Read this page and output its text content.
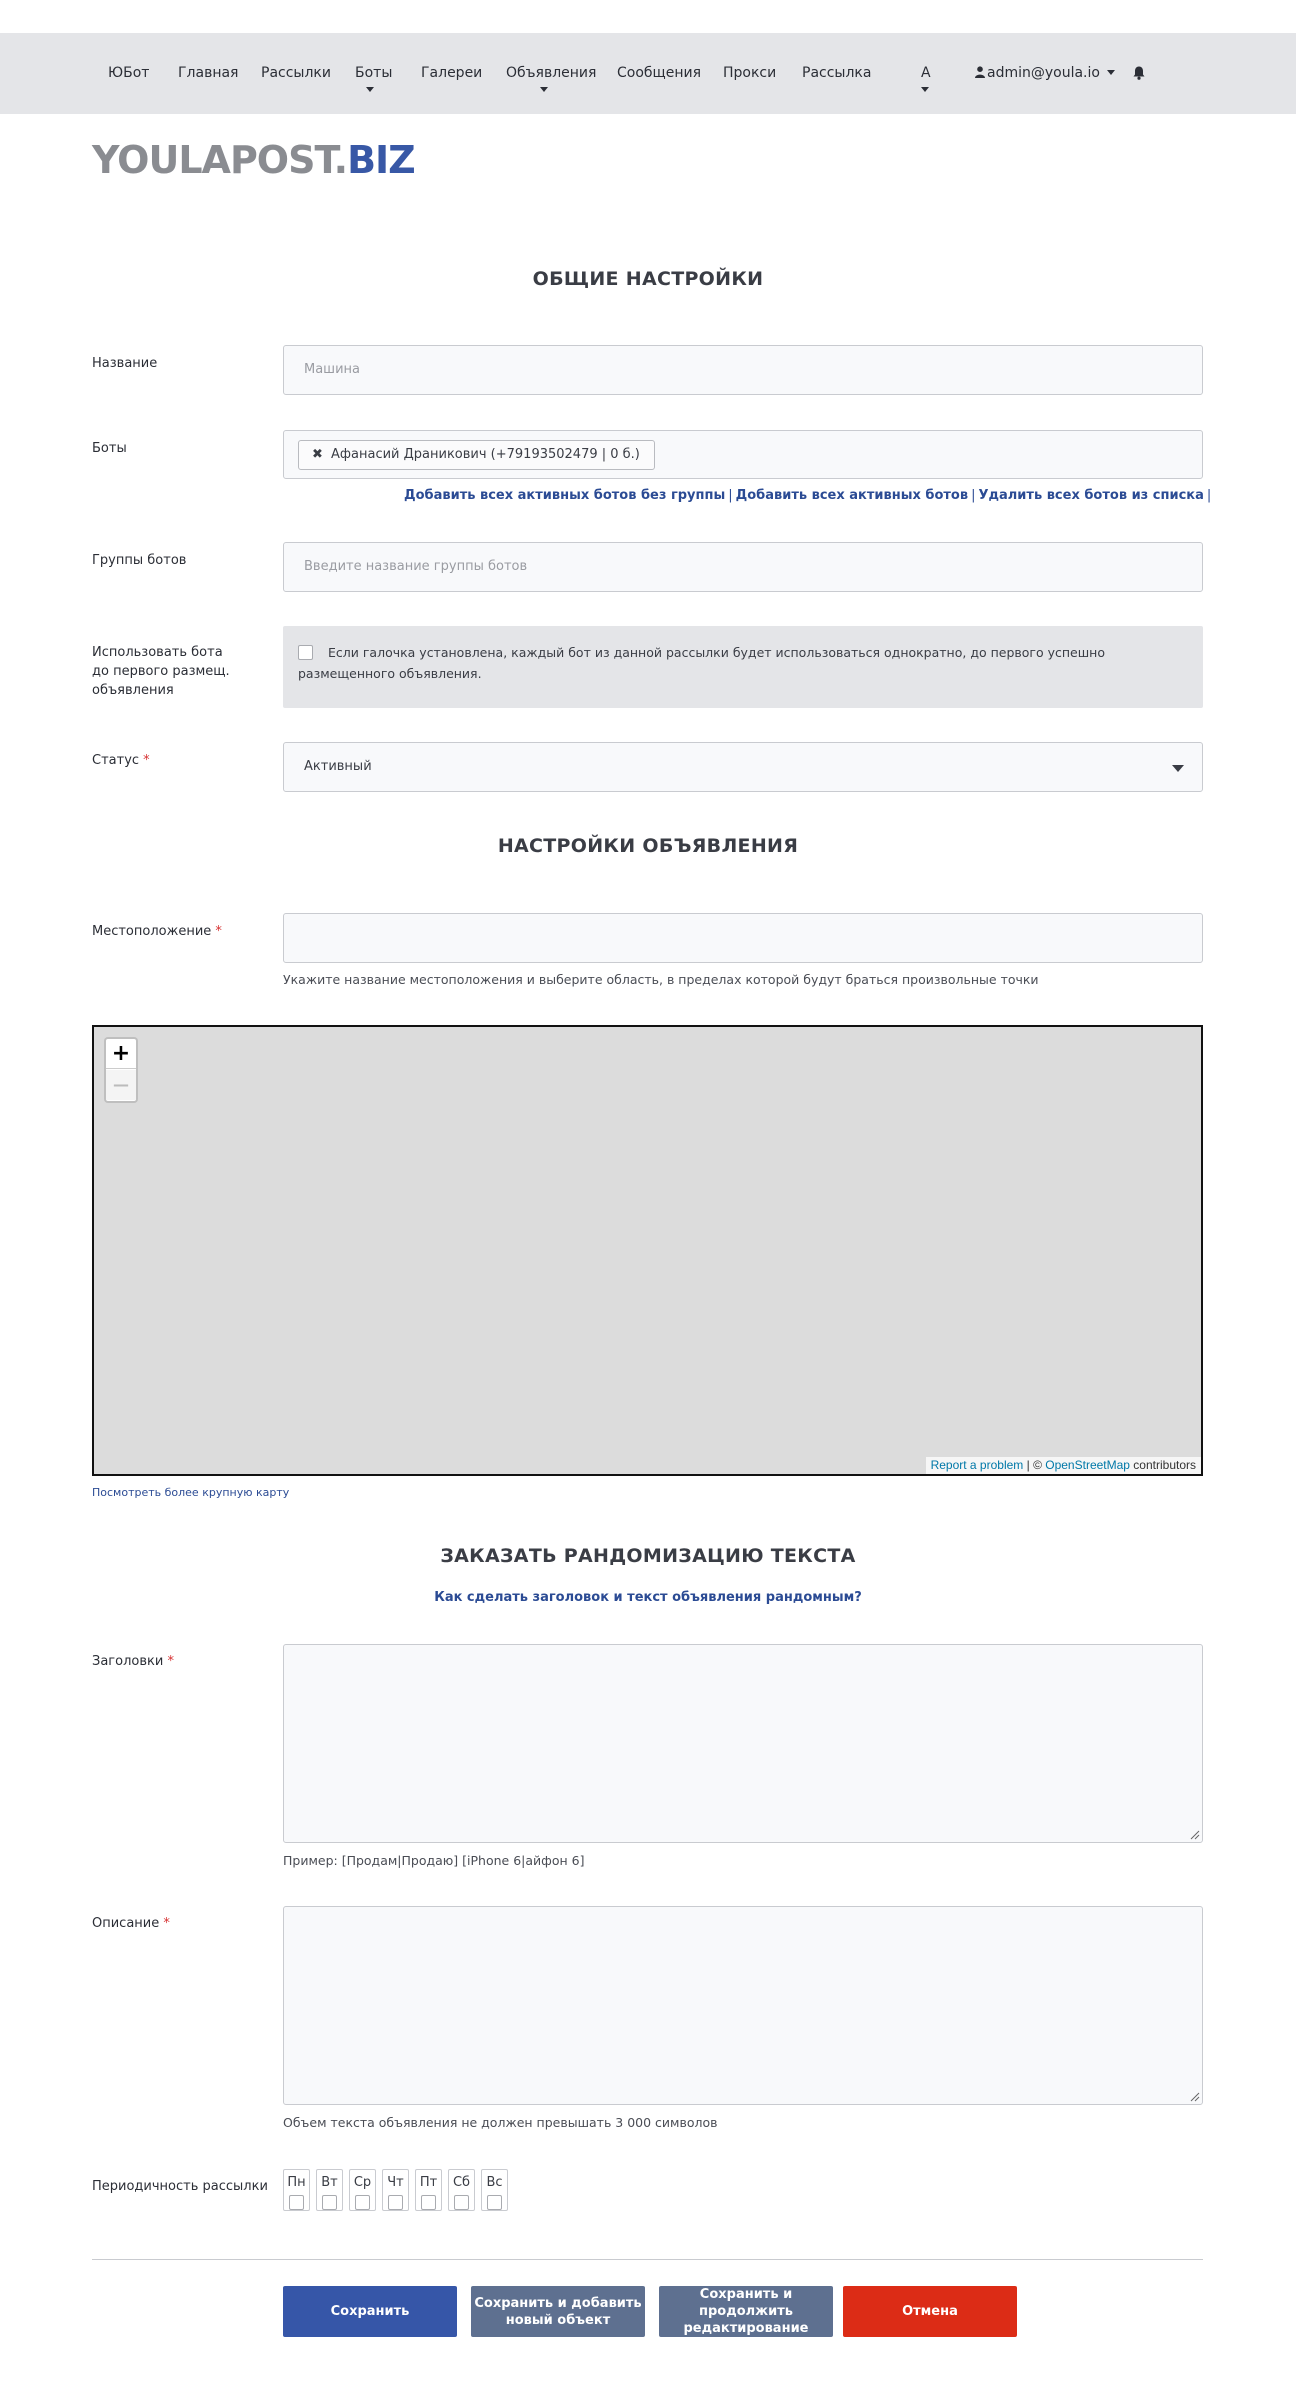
ЮБот Главная Рассылки Боты Галереи Объявления Сообщения Прокси Рассылка	А	admin@youla.io
YOULAPOST.BIZ
ОБЩИЕ НАСТРОЙКИ
Название	Машина
Боты	✖ Афанасий Драникович (+79193502479 | 0 б.)
Добавить всех активных ботов без группы | Добавить всех активных ботов | Удалить всех ботов из списка |
Группы ботов	Введите название группы ботов
Использовать бота до первого размещ. объявления
Если галочка установлена, каждый бот из данной рассылки будет использоваться однократно, до первого успешно размещенного объявления.
Статус *	Активный
НАСТРОЙКИ ОБЪЯВЛЕНИЯ
Местоположение *
Укажите название местоположения и выберите область, в пределах которой будут браться произвольные точки
+
—
Report a problem | © OpenStreetMap contributors
Посмотреть более крупную карту
ЗАКАЗАТЬ РАНДОМИЗАЦИЮ ТЕКСТА
Как сделать заголовок и текст объявления рандомным?
Заголовки *
Пример: [Продам|Продаю] [iPhone 6|айфон 6]
Описание *
Объем текста объявления не должен превышать 3 000 символов
Периодичность рассылки Пн	Вт	Ср	Чт	Пт	Сб	Вс
Сохранить
Сохранить и добавить новый объект
Сохранить и продолжить редактирование
Отмена
